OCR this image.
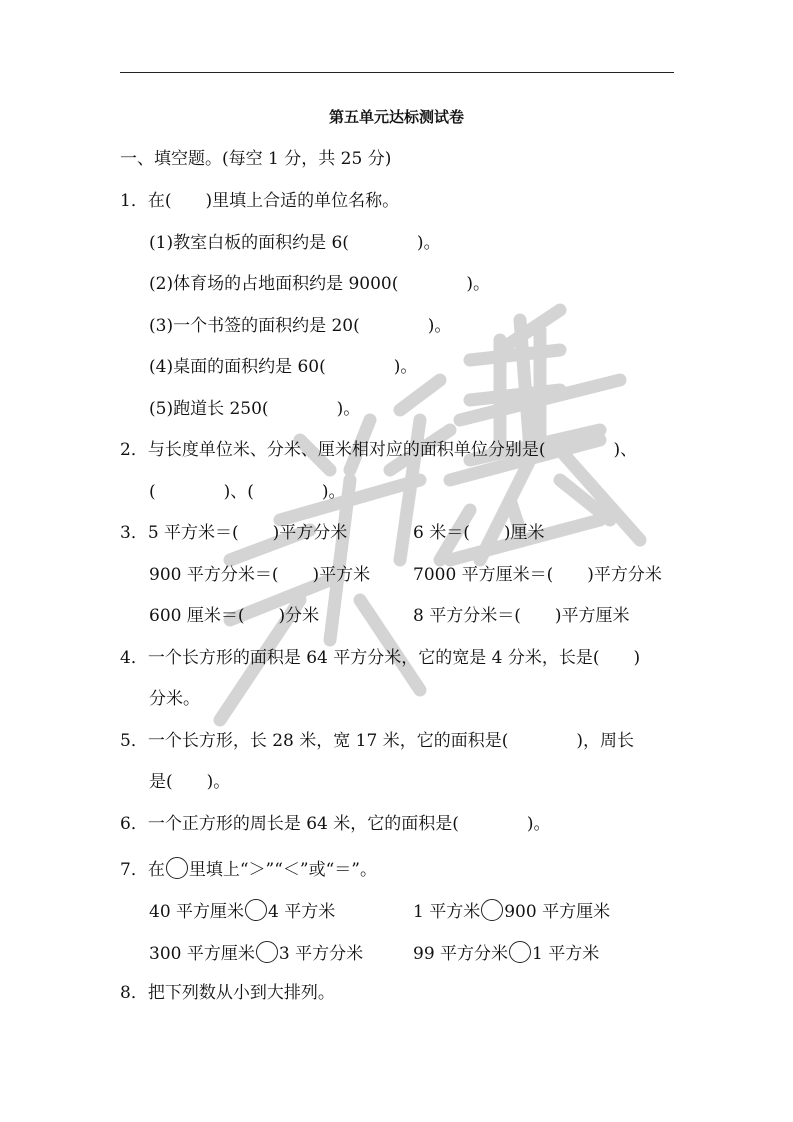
第五单元达标测试卷
一、填空题。(每空 1 分，共 25 分)
1．在(　　)里填上合适的单位名称。
(1)教室白板的面积约是 6(　　　　)。
(2)体育场的占地面积约是 9000(　　　　)。
(3)一个书签的面积约是 20(　　　　)。
(4)桌面的面积约是 60(　　　　)。
(5)跑道长 250(　　　　)。
2．与长度单位米、分米、厘米相对应的面积单位分别是(　　　　)、
(　　　　)、(　　　　)。
3．5 平方米＝(　　)平方分米	6 米＝(　　)厘米
900 平方分米＝(　　)平方米	7000 平方厘米＝(　　)平方分米
600 厘米＝(　　)分米	8 平方分米＝(　　)平方厘米
4．一个长方形的面积是 64 平方分米，它的宽是 4 分米，长是(　　)
分米。
5．一个长方形，长 28 米，宽 17 米，它的面积是(　　　　)，周长
是(　　)。
6．一个正方形的周长是 64 米，它的面积是(　　　　)。
7．在 里填上“＞”“＜”或“＝”。
40 平方厘米 4 平方米	1 平方米 900 平方厘米
300 平方厘米 3 平方分米	99 平方分米 1 平方米
8．把下列数从小到大排列。
